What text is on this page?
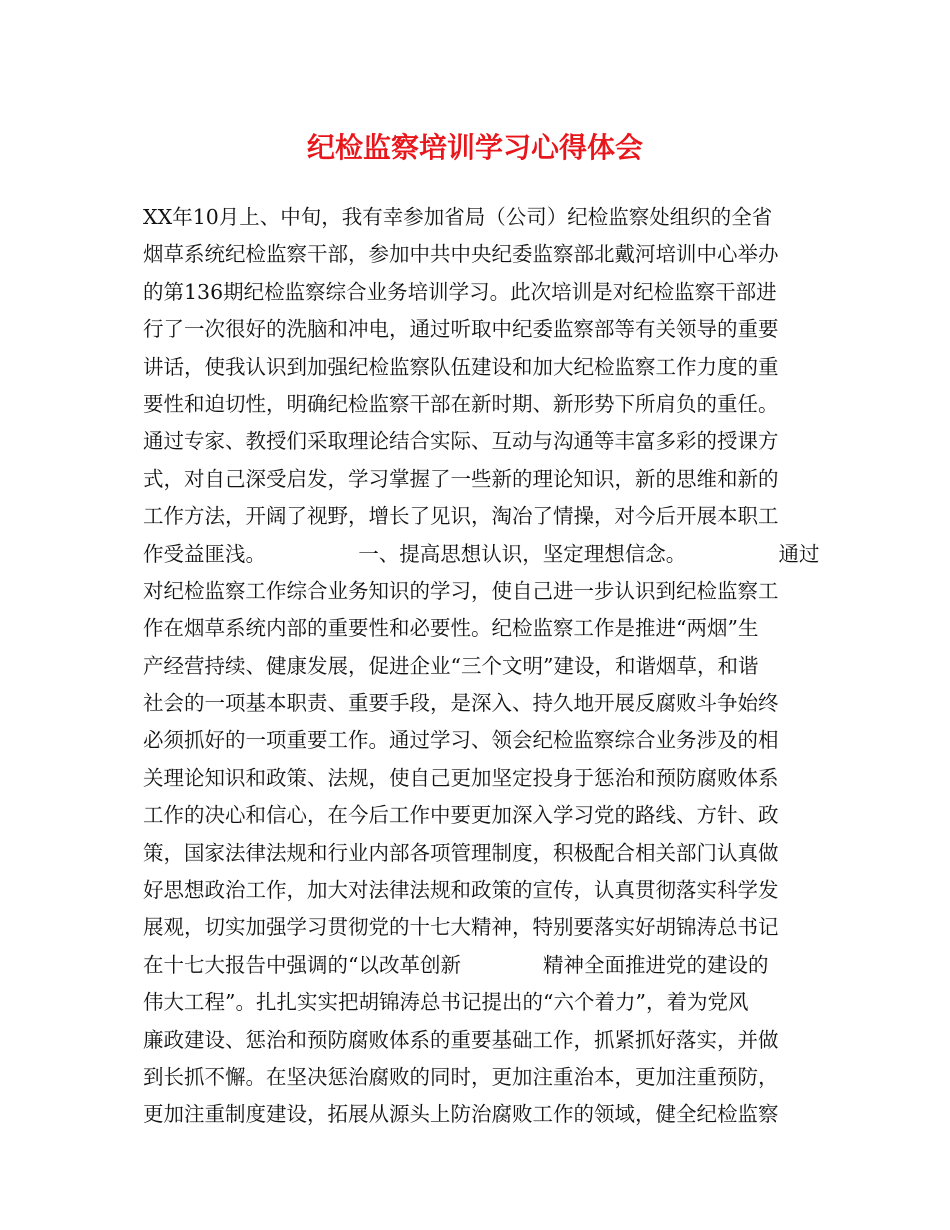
纪检监察培训学习心得体会
XX年10月上、中旬，我有幸参加省局（公司）纪检监察处组织的全省
烟草系统纪检监察干部，参加中共中央纪委监察部北戴河培训中心举办
的第136期纪检监察综合业务培训学习。此次培训是对纪检监察干部进
行了一次很好的洗脑和冲电，通过听取中纪委监察部等有关领导的重要
讲话，使我认识到加强纪检监察队伍建设和加大纪检监察工作力度的重
要性和迫切性，明确纪检监察干部在新时期、新形势下所肩负的重任。
通过专家、教授们采取理论结合实际、互动与沟通等丰富多彩的授课方
式，对自己深受启发，学习掌握了一些新的理论知识，新的思维和新的
工作方法，开阔了视野，增长了见识，淘冶了情操，对今后开展本职工
作受益匪浅。　　　　　一、提高思想认识，坚定理想信念。　　　　　通过
对纪检监察工作综合业务知识的学习，使自己进一步认识到纪检监察工
作在烟草系统内部的重要性和必要性。纪检监察工作是推进“两烟”生
产经营持续、健康发展，促进企业“三个文明”建设，和谐烟草，和谐
社会的一项基本职责、重要手段，是深入、持久地开展反腐败斗争始终
必须抓好的一项重要工作。通过学习、领会纪检监察综合业务涉及的相
关理论知识和政策、法规，使自己更加坚定投身于惩治和预防腐败体系
工作的决心和信心，在今后工作中要更加深入学习党的路线、方针、政
策，国家法律法规和行业内部各项管理制度，积极配合相关部门认真做
好思想政治工作，加大对法律法规和政策的宣传，认真贯彻落实科学发
展观，切实加强学习贯彻党的十七大精神，特别要落实好胡锦涛总书记
在十七大报告中强调的“以改革创新　　　　精神全面推进党的建设的
伟大工程”。扎扎实实把胡锦涛总书记提出的“六个着力”，着为党风
廉政建设、惩治和预防腐败体系的重要基础工作，抓紧抓好落实，并做
到长抓不懈。在坚决惩治腐败的同时，更加注重治本，更加注重预防，
更加注重制度建设，拓展从源头上防治腐败工作的领域，健全纪检监察
